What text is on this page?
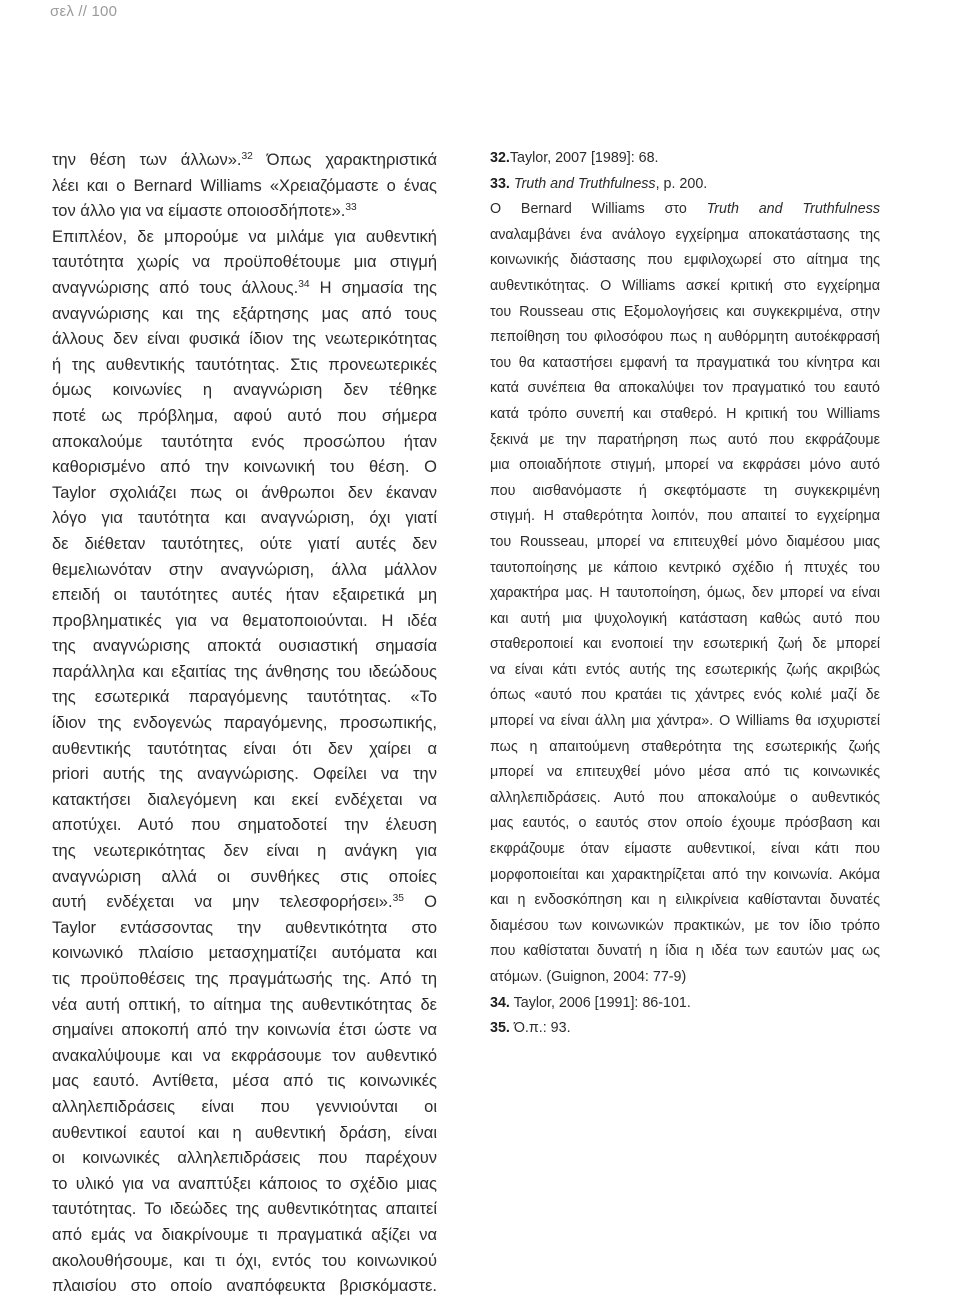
σελ // 100
την θέση των άλλων».$^{32}$ Όπως χαρακτηριστικά
λέει και ο Bernard Williams «Χρειαζόμαστε ο ένας
τον άλλο για να είμαστε οποιοσδήποτε».$^{33}$
Επιπλέον, δε μπορούμε να μιλάμε για αυθεντική
ταυτότητα χωρίς να προϋποθέτουμε μια στιγμή
αναγνώρισης από τους άλλους.$^{34}$ Η σημασία της
αναγνώρισης και της εξάρτησης μας από τους
άλλους δεν είναι φυσικά ίδιον της νεωτερικότητας
ή της αυθεντικής ταυτότητας. Στις προνεωτερικές
όμως κοινωνίες η αναγνώριση δεν τέθηκε
ποτέ ως πρόβλημα, αφού αυτό που σήμερα
αποκαλούμε ταυτότητα ενός προσώπου ήταν
καθορισμένο από την κοινωνική του θέση. Ο
Taylor σχολιάζει πως οι άνθρωποι δεν έκαναν
λόγο για ταυτότητα και αναγνώριση, όχι γιατί
δε διέθεταν ταυτότητες, ούτε γιατί αυτές δεν
θεμελιωνόταν στην αναγνώριση, άλλα μάλλον
επειδή οι ταυτότητες αυτές ήταν εξαιρετικά μη
προβληματικές για να θεματοποιούνται. Η ιδέα
της αναγνώρισης αποκτά ουσιαστική σημασία
παράλληλα και εξαιτίας της άνθησης του ιδεώδους
της εσωτερικά παραγόμενης ταυτότητας. «Το
ίδιον της ενδογενώς παραγόμενης, προσωπικής,
αυθεντικής ταυτότητας είναι ότι δεν χαίρει α
priori αυτής της αναγνώρισης. Οφείλει να την
κατακτήσει διαλεγόμενη και εκεί ενδέχεται να
αποτύχει. Αυτό που σηματοδοτεί την έλευση
της νεωτερικότητας δεν είναι η ανάγκη για
αναγνώριση αλλά οι συνθήκες στις οποίες
αυτή ενδέχεται να μην τελεσφορήσει».$^{35}$ Ο
Taylor εντάσσοντας την αυθεντικότητα στο
κοινωνικό πλαίσιο μετασχηματίζει αυτόματα και
τις προϋποθέσεις της πραγμάτωσής της. Από τη
νέα αυτή οπτική, το αίτημα της αυθεντικότητας δε
σημαίνει αποκοπή από την κοινωνία έτσι ώστε να
ανακαλύψουμε και να εκφράσουμε τον αυθεντικό
μας εαυτό. Αντίθετα, μέσα από τις κοινωνικές
αλληλεπιδράσεις είναι που γεννιούνται οι
αυθεντικοί εαυτοί και η αυθεντική δράση, είναι
οι κοινωνικές αλληλεπιδράσεις που παρέχουν
το υλικό για να αναπτύξει κάποιος το σχέδιο μιας
ταυτότητας. Το ιδεώδες της αυθεντικότητας απαιτεί
από εμάς να διακρίνουμε τι πραγματικά αξίζει να
ακολουθήσουμε, και τι όχι, εντός του κοινωνικού
πλαισίου στο οποίο αναπόφευκτα βρισκόμαστε.
32.Taylor, 2007 [1989]: 68.
33. Truth and Truthfulness, p. 200.
Ο Bernard Williams στο Truth and Truthfulness
αναλαμβάνει ένα ανάλογο εγχείρημα αποκατάστασης της
κοινωνικής διάστασης που εμφιλοχωρεί στο αίτημα της
αυθεντικότητας. Ο Williams ασκεί κριτική στο εγχείρημα
του Rousseau στις Εξομολογήσεις και συγκεκριμένα, στην
πεποίθηση του φιλοσόφου πως η αυθόρμητη αυτοέκφρασή
του θα καταστήσει εμφανή τα πραγματικά του κίνητρα και
κατά συνέπεια θα αποκαλύψει τον πραγματικό του εαυτό
κατά τρόπο συνεπή και σταθερό. Η κριτική του Williams
ξεκινά με την παρατήρηση πως αυτό που εκφράζουμε
μια οποιαδήποτε στιγμή, μπορεί να εκφράσει μόνο αυτό
που αισθανόμαστε ή σκεφτόμαστε τη συγκεκριμένη
στιγμή. Η σταθερότητα λοιπόν, που απαιτεί το εγχείρημα
του Rousseau, μπορεί να επιτευχθεί μόνο διαμέσου μιας
ταυτοποίησης με κάποιο κεντρικό σχέδιο ή πτυχές του
χαρακτήρα μας. Η ταυτοποίηση, όμως, δεν μπορεί να είναι
και αυτή μια ψυχολογική κατάσταση καθώς αυτό που
σταθεροποιεί και ενοποιεί την εσωτερική ζωή δε μπορεί
να είναι κάτι εντός αυτής της εσωτερικής ζωής ακριβώς
όπως «αυτό που κρατάει τις χάντρες ενός κολιέ μαζί δε
μπορεί να είναι άλλη μια χάντρα». Ο Williams θα ισχυριστεί
πως η απαιτούμενη σταθερότητα της εσωτερικής ζωής
μπορεί να επιτευχθεί μόνο μέσα από τις κοινωνικές
αλληλεπιδράσεις. Αυτό που αποκαλούμε ο αυθεντικός
μας εαυτός, ο εαυτός στον οποίο έχουμε πρόσβαση και
εκφράζουμε όταν είμαστε αυθεντικοί, είναι κάτι που
μορφοποιείται και χαρακτηρίζεται από την κοινωνία. Ακόμα
και η ενδοσκόπηση και η ειλικρίνεια καθίστανται δυνατές
διαμέσου των κοινωνικών πρακτικών, με τον ίδιο τρόπο
που καθίσταται δυνατή η ίδια η ιδέα των εαυτών μας ως
ατόμων. (Guignon, 2004: 77-9)
34. Taylor, 2006 [1991]: 86-101.
35. Ό.π.: 93.
